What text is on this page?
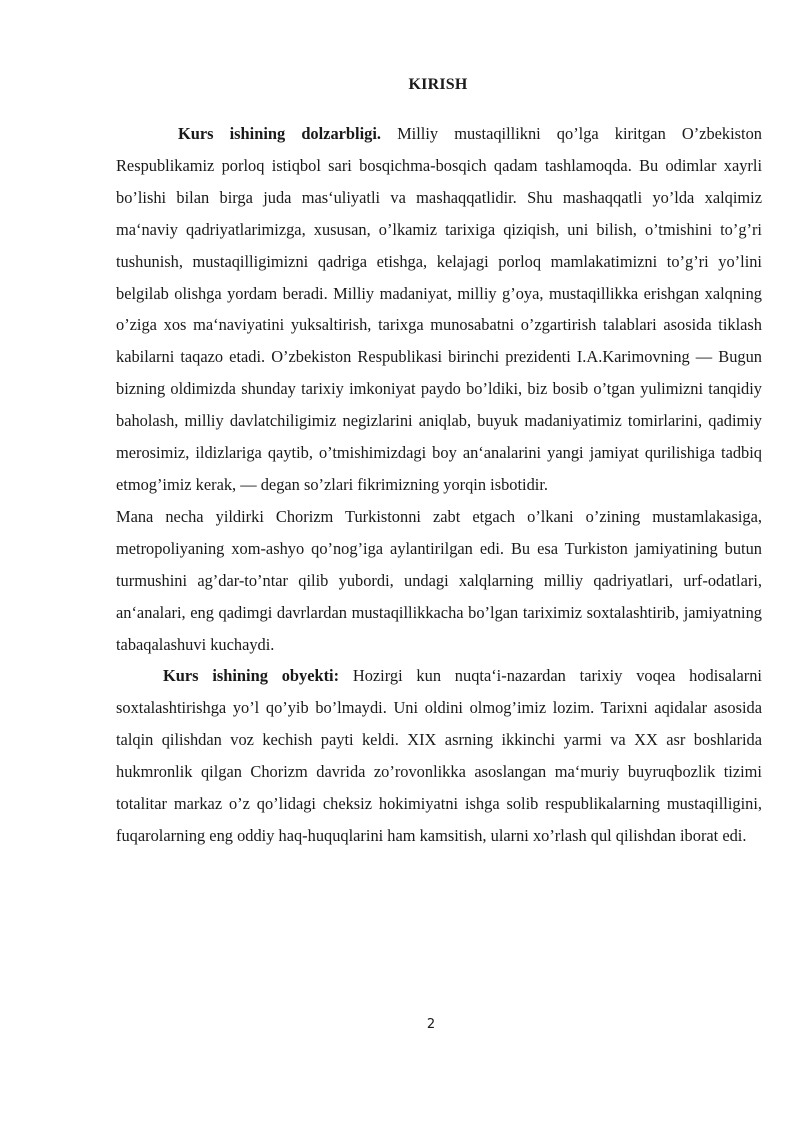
KIRISH

Kurs ishining dolzarbligi. Milliy mustaqillikni qo’lga kiritgan O’zbekiston Respublikamiz porloq istiqbol sari bosqichma-bosqich qadam tashlamoqda. Bu odimlar xayrli bo’lishi bilan birga juda mas‘uliyatli va mashaqqatlidir. Shu mashaqqatli yo’lda xalqimiz ma‘naviy qadriyatlarimizga, xususan, o’lkamiz tarixiga qiziqish, uni bilish, o’tmishini to’g’ri tushunish, mustaqilligimizni qadriga etishga, kelajagi porloq mamlakatimizni to’g’ri yo’lini belgilab olishga yordam beradi. Milliy madaniyat, milliy g’oya, mustaqillikka erishgan xalqning o’ziga xos ma‘naviyatini yuksaltirish, tarixga munosabatni o’zgartirish talablari asosida tiklash kabilarni taqazo etadi. O’zbekiston Respublikasi birinchi prezidenti I.A.Karimovning — Bugun bizning oldimizda shunday tarixiy imkoniyat paydo bo’ldiki, biz bosib o’tgan yulimizni tanqidiy baholash, milliy davlatchiligimiz negizlarini aniqlab, buyuk madaniyatimiz tomirlarini, qadimiy merosimiz, ildizlariga qaytib, o’tmishimizdagi boy an‘analarini yangi jamiyat qurilishiga tadbiq etmog’imiz kerak, — degan so’zlari fikrimizning yorqin isbotidir.

Mana necha yildirki Chorizm Turkistonni zabt etgach o’lkani o’zining mustamlakasiga, metropoliyaning xom-ashyo qo’nog’iga aylantirilgan edi. Bu esa Turkiston jamiyatining butun turmushini ag’dar-to’ntar qilib yubordi, undagi xalqlarning milliy qadriyatlari, urf-odatlari, an‘analari, eng qadimgi davrlardan mustaqillikkacha bo’lgan tariximiz soxtalashtirib, jamiyatning tabaqalashuvi kuchaydi.

Kurs ishining obyekti: Hozirgi kun nuqta‘i-nazardan tarixiy voqea hodisalarni soxtalashtirishga yo’l qo’yib bo’lmaydi. Uni oldini olmog’imiz lozim. Tarixni aqidalar asosida talqin qilishdan voz kechish payti keldi. XIX asrning ikkinchi yarmi va XX asr boshlarida hukmronlik qilgan Chorizm davrida zo’rovonlikka asoslangan ma‘muriy buyruqbozlik tizimi totalitar markaz o’z qo’lidagi cheksiz hokimiyatni ishga solib respublikalarning mustaqilligini, fuqarolarning eng oddiy haq-huquqlarini ham kamsitish, ularni xo’rlash qul qilishdan iborat edi.

2
